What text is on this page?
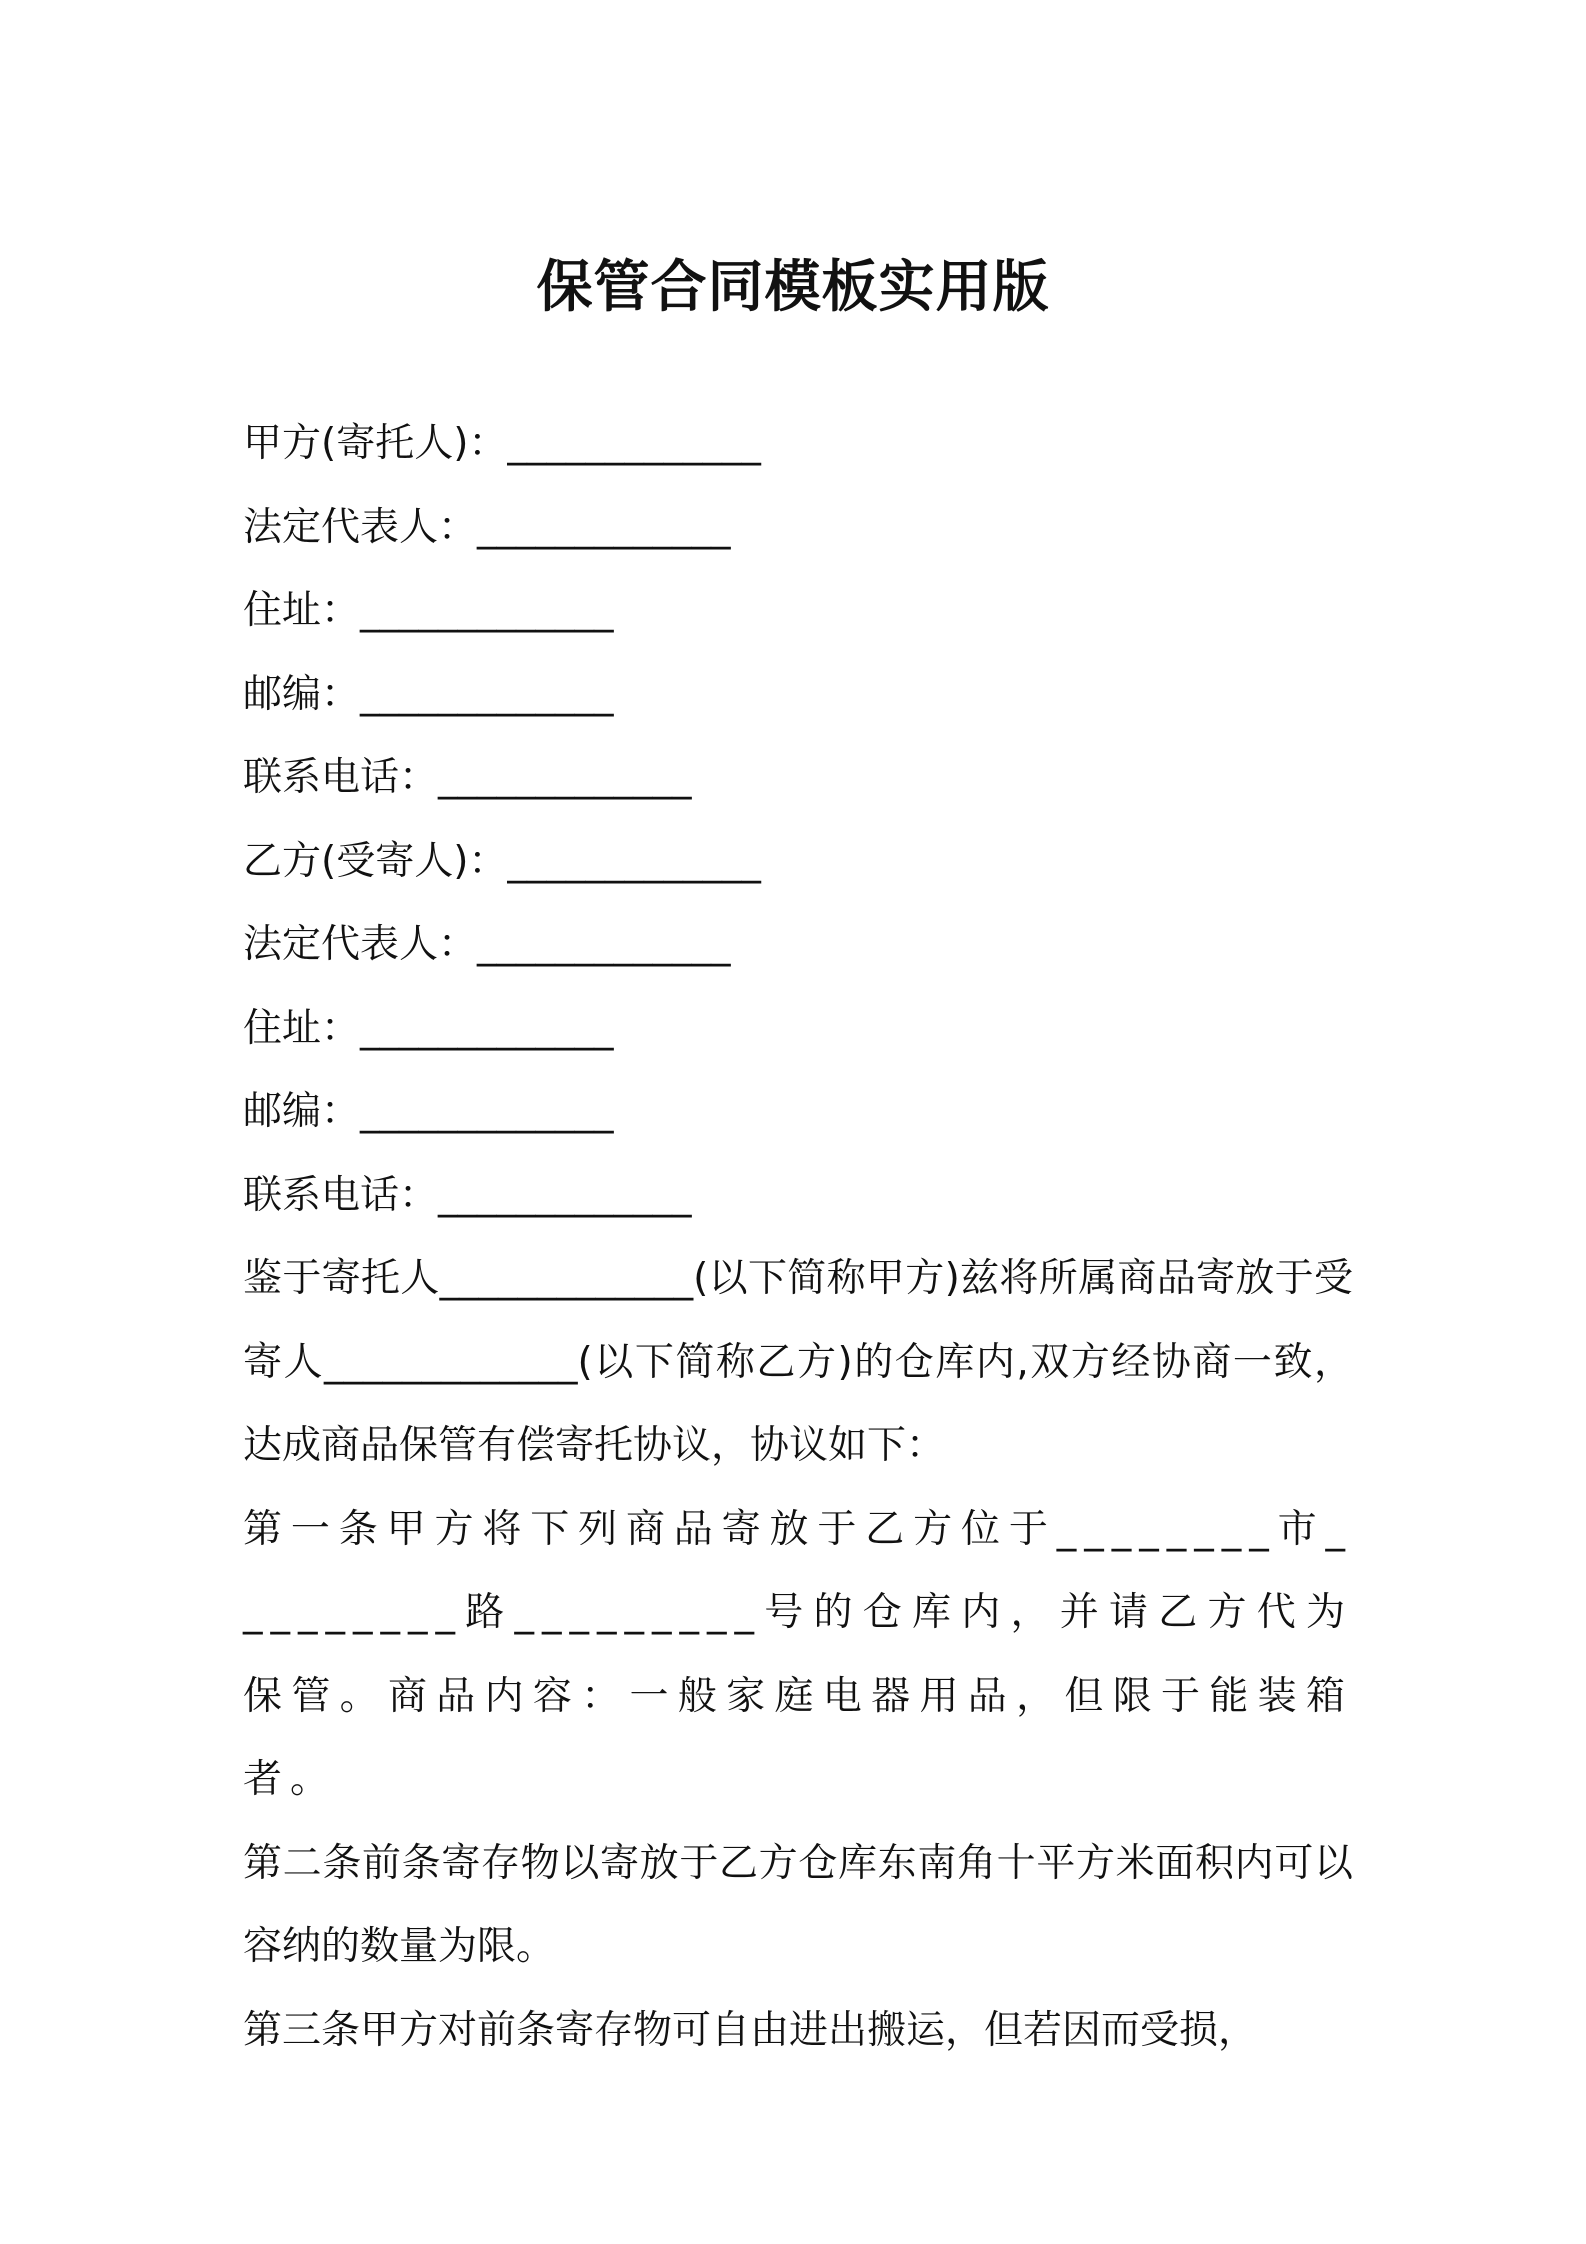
保管合同模板实用版
甲方(寄托人)：_____________
法定代表人：_____________
住址：_____________
邮编：_____________
联系电话：_____________
乙方(受寄人)：_____________
法定代表人：_____________
住址：_____________
邮编：_____________
联系电话：_____________
鉴于寄托人_____________(以下简称甲方)兹将所属商品寄放于受寄人_____________(以下简称乙方)的仓库内,双方经协商一致，达成商品保管有偿寄托协议，协议如下：
第一条甲方将下列商品寄放于乙方位于________市_________路_________号的仓库内，并请乙方代为保管。商品内容：一般家庭电器用品，但限于能装箱者。
第二条前条寄存物以寄放于乙方仓库东南角十平方米面积内可以容纳的数量为限。
第三条甲方对前条寄存物可自由进出搬运，但若因而受损，
